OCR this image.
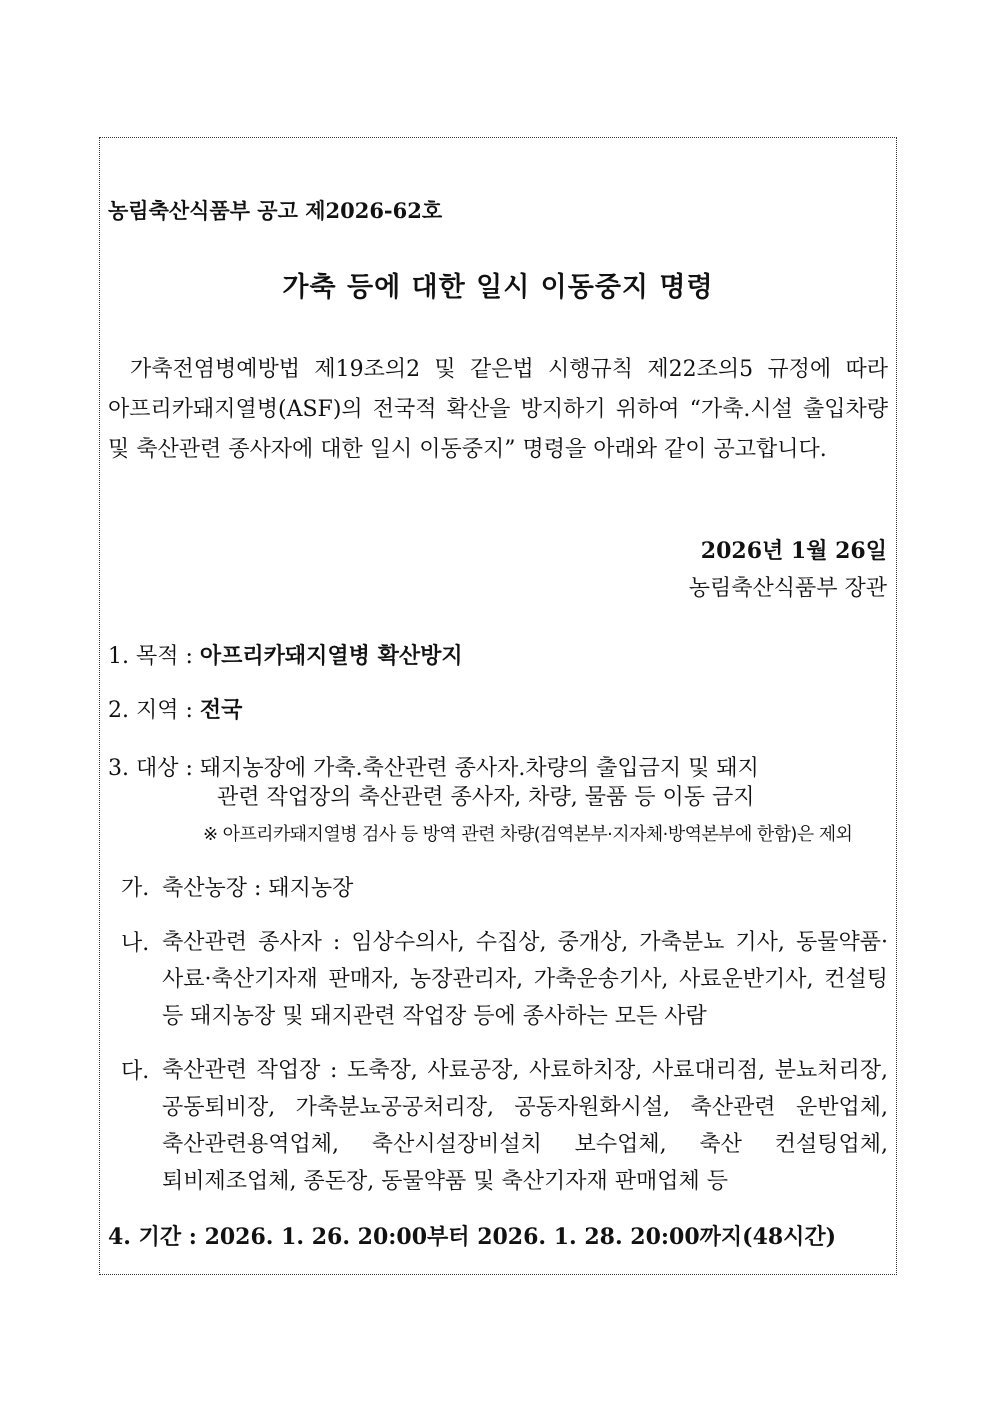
농림축산식품부 공고 제2026-62호
가축 등에 대한 일시 이동중지 명령
가축전염병예방법 제19조의2 및 같은법 시행규칙 제22조의5 규정에 따라 아프리카돼지열병(ASF)의 전국적 확산을 방지하기 위하여 “가축.시설 출입차량 및 축산관련 종사자에 대한 일시 이동중지” 명령을 아래와 같이 공고합니다.
2026년 1월 26일
농림축산식품부 장관
1. 목적 : 아프리카돼지열병 확산방지
2. 지역 : 전국
3. 대상 : 돼지농장에 가축.축산관련 종사자.차량의 출입금지 및 돼지
관련 작업장의 축산관련 종사자, 차량, 물품 등 이동 금지
※ 아프리카돼지열병 검사 등 방역 관련 차량(검역본부·지자체·방역본부에 한함)은 제외
가. 축산농장 : 돼지농장
나. 축산관련 종사자 : 임상수의사, 수집상, 중개상, 가축분뇨 기사, 동물약품·사료·축산기자재 판매자, 농장관리자, 가축운송기사, 사료운반기사, 컨설팅 등 돼지농장 및 돼지관련 작업장 등에 종사하는 모든 사람
다. 축산관련 작업장 : 도축장, 사료공장, 사료하치장, 사료대리점, 분뇨처리장, 공동퇴비장, 가축분뇨공공처리장, 공동자원화시설, 축산관련 운반업체, 축산관련용역업체, 축산시설장비설치 보수업체, 축산 컨설팅업체, 퇴비제조업체, 종돈장, 동물약품 및 축산기자재 판매업체 등
4. 기간 : 2026. 1. 26. 20:00부터 2026. 1. 28. 20:00까지(48시간)
